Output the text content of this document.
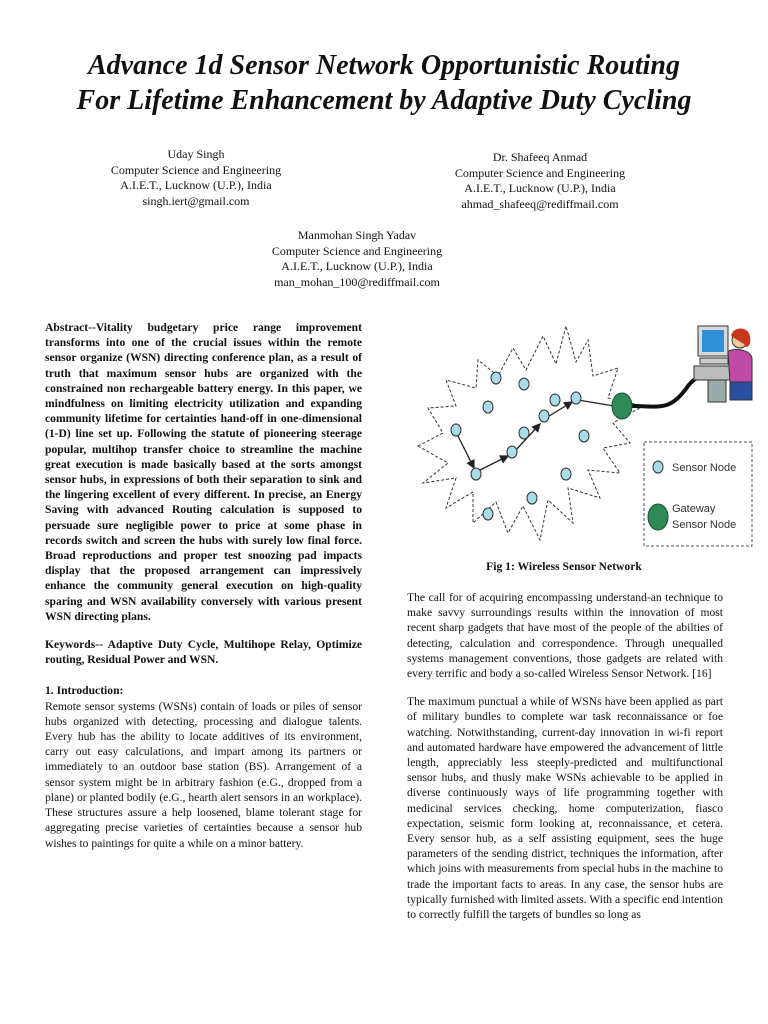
Advance 1d Sensor Network Opportunistic Routing
For Lifetime Enhancement by Adaptive Duty Cycling
Uday Singh
Computer Science and Engineering
A.I.E.T., Lucknow (U.P.), India
singh.iert@gmail.com
Dr. Shafeeq Anmad
Computer Science and Engineering
A.I.E.T., Lucknow (U.P.), India
ahmad_shafeeq@rediffmail.com
Manmohan Singh Yadav
Computer Science and Engineering
A.I.E.T., Lucknow (U.P.), India
man_mohan_100@rediffmail.com

Abstract--Vitality budgetary price range improvement transforms into one of the crucial issues within the remote sensor organize (WSN) directing conference plan, as a result of truth that maximum sensor hubs are organized with the constrained non rechargeable battery energy. In this paper, we mindfulness on limiting electricity utilization and expanding community lifetime for certainties hand-off in one-dimensional (1-D) line set up. Following the statute of pioneering steerage popular, multihop transfer choice to streamline the machine great execution is made basically based at the sorts amongst sensor hubs, in expressions of both their separation to sink and the lingering excellent of every different. In precise, an Energy Saving with advanced Routing calculation is supposed to persuade sure negligible power to price at some phase in records switch and screen the hubs with surely low final force. Broad reproductions and proper test snoozing pad impacts display that the proposed arrangement can impressively enhance the community general execution on high-quality sparing and WSN availability conversely with various present WSN directing plans.

Keywords-- Adaptive Duty Cycle, Multihope Relay, Optimize routing, Residual Power and WSN.

1. Introduction:
Remote sensor systems (WSNs) contain of loads or piles of sensor hubs organized with detecting, processing and dialogue talents. Every hub has the ability to locate additives of its environment, carry out easy calculations, and impart among its partners or immediately to an outdoor base station (BS). Arrangement of a sensor system might be in arbitrary fashion (e.G., dropped from a plane) or planted bodily (e.G., hearth alert sensors in an workplace). These structures assure a help loosened, blame tolerant stage for aggregating precise varieties of certainties because a sensor hub wishes to paintings for quite a while on a minor battery.

Sensor Node
Gateway
Sensor Node
Fig 1: Wireless Sensor Network

The call for of acquiring encompassing understand-an technique to make savvy surroundings results within the innovation of most recent sharp gadgets that have most of the people of the abilties of detecting, calculation and correspondence. Through unequalled systems management conventions, those gadgets are related with every terrific and body a so-called Wireless Sensor Network. [16]

The maximum punctual a while of WSNs have been applied as part of military bundles to complete war task reconnaissance or foe watching. Notwithstanding, current-day innovation in wi-fi report and automated hardware have empowered the advancement of little length, appreciably less steeply-predicted and multifunctional sensor hubs, and thusly make WSNs achievable to be applied in diverse continuously ways of life programming together with medicinal services checking, home computerization, fiasco expectation, seismic form looking at, reconnaissance, et cetera. Every sensor hub, as a self assisting equipment, sees the huge parameters of the sending district, techniques the information, after which joins with measurements from special hubs in the machine to trade the important facts to areas. In any case, the sensor hubs are typically furnished with limited assets. With a specific end intention to correctly fulfill the targets of bundles so long as
